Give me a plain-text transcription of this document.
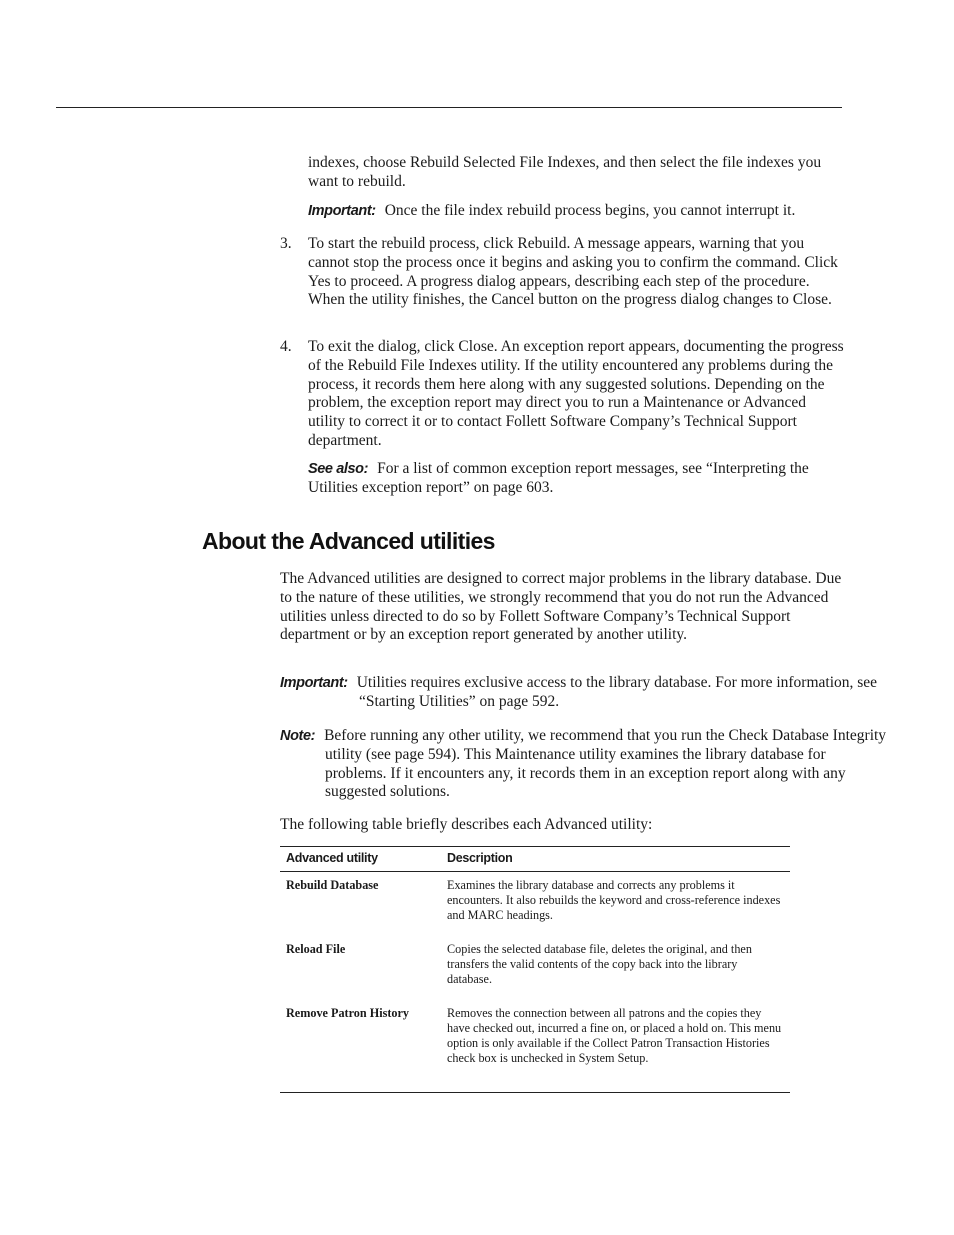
indexes, choose Rebuild Selected File Indexes, and then select the file indexes you want to rebuild.
Important: Once the file index rebuild process begins, you cannot interrupt it.
3.	To start the rebuild process, click Rebuild. A message appears, warning that you cannot stop the process once it begins and asking you to confirm the command. Click Yes to proceed. A progress dialog appears, describing each step of the procedure. When the utility finishes, the Cancel button on the progress dialog changes to Close.
4.	To exit the dialog, click Close. An exception report appears, documenting the progress of the Rebuild File Indexes utility. If the utility encountered any problems during the process, it records them here along with any suggested solutions. Depending on the problem, the exception report may direct you to run a Maintenance or Advanced utility to correct it or to contact Follett Software Company’s Technical Support department.
See also: For a list of common exception report messages, see “Interpreting the Utilities exception report” on page 603.
About the Advanced utilities
The Advanced utilities are designed to correct major problems in the library database. Due to the nature of these utilities, we strongly recommend that you do not run the Advanced utilities unless directed to do so by Follett Software Company’s Technical Support department or by an exception report generated by another utility.
Important: Utilities requires exclusive access to the library database. For more information, see “Starting Utilities” on page 592.
Note: Before running any other utility, we recommend that you run the Check Database Integrity utility (see page 594). This Maintenance utility examines the library database for problems. If it encounters any, it records them in an exception report along with any suggested solutions.
The following table briefly describes each Advanced utility:
Advanced utility	Description
Rebuild Database	Examines the library database and corrects any problems it encounters. It also rebuilds the keyword and cross-reference indexes and MARC headings.
Reload File	Copies the selected database file, deletes the original, and then transfers the valid contents of the copy back into the library database.
Remove Patron History	Removes the connection between all patrons and the copies they have checked out, incurred a fine on, or placed a hold on. This menu option is only available if the Collect Patron Transaction Histories check box is unchecked in System Setup.
